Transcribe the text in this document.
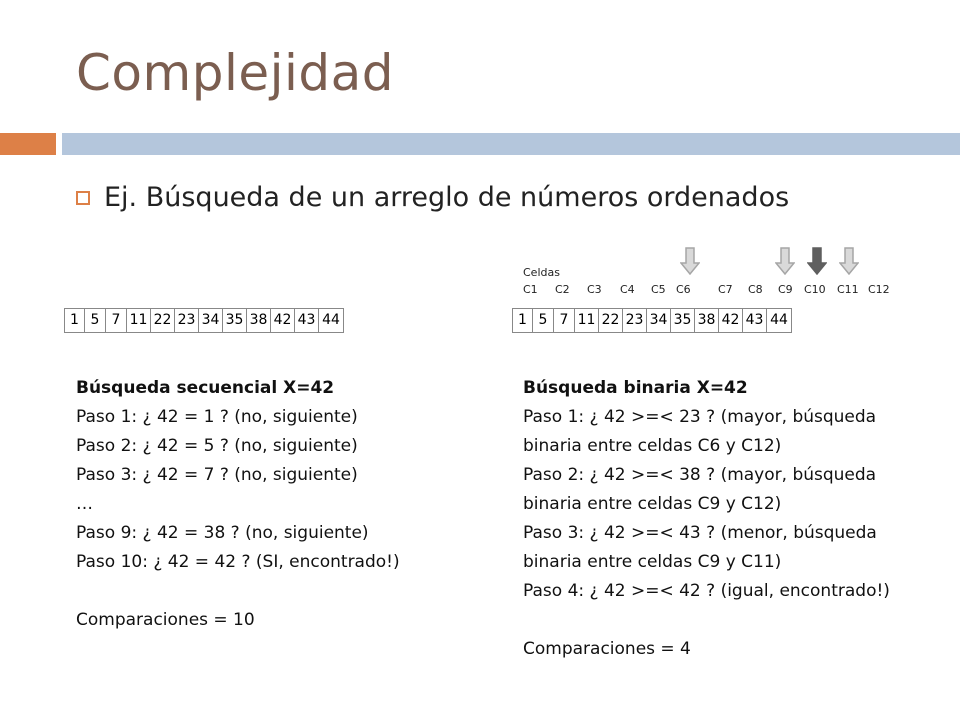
Complejidad
Ej. Búsqueda de un arreglo de números ordenados
1 5 7 11 22 23 34 35 38 42 43 44
Celdas
C1 C2 C3 C4 C5 C6 C7 C8 C9 C10 C11 C12
1 5 7 11 22 23 34 35 38 42 43 44
Búsqueda secuencial X=42
Paso 1: ¿ 42 = 1 ? (no, siguiente)
Paso 2: ¿ 42 = 5 ? (no, siguiente)
Paso 3: ¿ 42 = 7 ? (no, siguiente)
…
Paso 9: ¿ 42 = 38 ? (no, siguiente)
Paso 10: ¿ 42 = 42 ? (SI, encontrado!)
Comparaciones = 10
Búsqueda binaria X=42
Paso 1: ¿ 42 >=< 23 ? (mayor, búsqueda
binaria entre celdas C6 y C12)
Paso 2: ¿ 42 >=< 38 ? (mayor, búsqueda
binaria entre celdas C9 y C12)
Paso 3: ¿ 42 >=< 43 ? (menor, búsqueda
binaria entre celdas C9 y C11)
Paso 4: ¿ 42 >=< 42 ? (igual, encontrado!)
Comparaciones = 4
